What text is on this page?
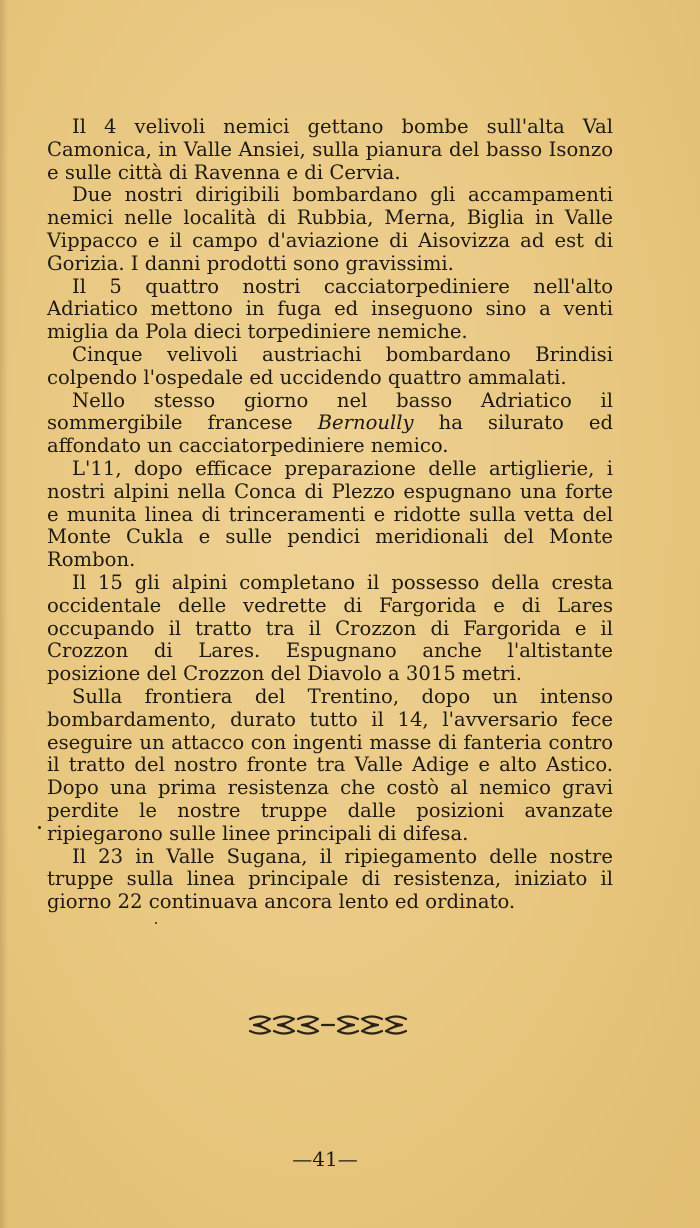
Il 4 velivoli nemici gettano bombe sull'alta Val Camonica, in Valle Ansiei, sulla pianura del basso Isonzo e sulle città di Ravenna e di Cervia.

Due nostri dirigibili bombardano gli accampamenti nemici nelle località di Rubbia, Merna, Biglia in Valle Vippacco e il campo d'aviazione di Aisovizza ad est di Gorizia. I danni prodotti sono gravissimi.

Il 5 quattro nostri cacciatorpediniere nell'alto Adriatico mettono in fuga ed inseguono sino a venti miglia da Pola dieci torpediniere nemiche.

Cinque velivoli austriachi bombardano Brindisi colpendo l'ospedale ed uccidendo quattro ammalati.

Nello stesso giorno nel basso Adriatico il sommergibile francese Bernoully ha silurato ed affondato un cacciatorpediniere nemico.

L'11, dopo efficace preparazione delle artiglierie, i nostri alpini nella Conca di Plezzo espugnano una forte e munita linea di trinceramenti e ridotte sulla vetta del Monte Cukla e sulle pendici meridionali del Monte Rombon.

Il 15 gli alpini completano il possesso della cresta occidentale delle vedrette di Fargorida e di Lares occupando il tratto tra il Crozzon di Fargorida e il Crozzon di Lares. Espugnano anche l'altistante posizione del Crozzon del Diavolo a 3015 metri.

Sulla frontiera del Trentino, dopo un intenso bombardamento, durato tutto il 14, l'avversario fece eseguire un attacco con ingenti masse di fanteria contro il tratto del nostro fronte tra Valle Adige e alto Astico. Dopo una prima resistenza che costò al nemico gravi perdite le nostre truppe dalle posizioni avanzate ripiegarono sulle linee principali di difesa.

Il 23 in Valle Sugana, il ripiegamento delle nostre truppe sulla linea principale di resistenza, iniziato il giorno 22 continuava ancora lento ed ordinato.

—41—
